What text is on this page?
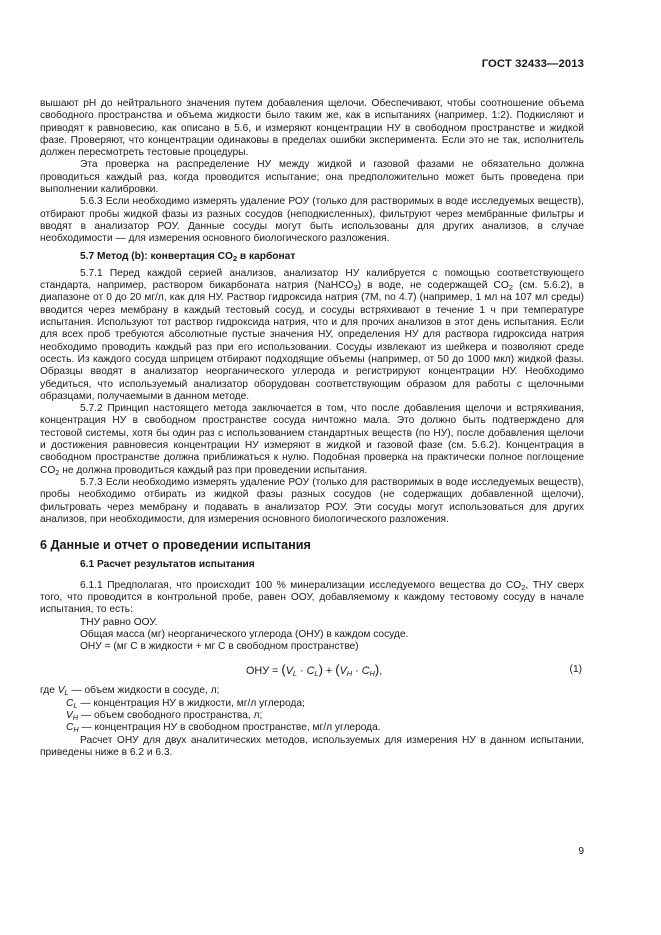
ГОСТ 32433—2013

вышают pH до нейтрального значения путем добавления щелочи. Обеспечивают, чтобы соотношение объема свободного пространства и объема жидкости было таким же, как в испытаниях (например, 1:2). Подкисляют и приводят к равновесию, как описано в 5.6, и измеряют концентрации НУ в свободном пространстве и жидкой фазе. Проверяют, что концентрации одинаковы в пределах ошибки эксперимента. Если это не так, исполнитель должен пересмотреть тестовые процедуры.

Эта проверка на распределение НУ между жидкой и газовой фазами не обязательно должна проводиться каждый раз, когда проводится испытание; она предположительно может быть проведена при выполнении калибровки.

5.6.3 Если необходимо измерять удаление РОУ (только для растворимых в воде исследуемых веществ), отбирают пробы жидкой фазы из разных сосудов (неподкисленных), фильтруют через мембранные фильтры и вводят в анализатор РОУ. Данные сосуды могут быть использованы для других анализов, в случае необходимости — для измерения основного биологического разложения.

5.7 Метод (b): конвертация $CO_2$ в карбонат

5.7.1 Перед каждой серией анализов, анализатор НУ калибруется с помощью соответствующего стандарта, например, раствором бикарбоната натрия (NaHCO$_3$) в воде, не содержащей $CO_2$ (см. 5.6.2), в диапазоне от 0 до 20 мг/л, как для НУ. Раствор гидроксида натрия (7M, no 4.7) (например, 1 мл на 107 мл среды) вводится через мембрану в каждый тестовый сосуд, и сосуды встряхивают в течение 1 ч при температуре испытания. Используют тот раствор гидроксида натрия, что и для прочих анализов в этот день испытания. Если для всех проб требуются абсолютные пустые значения НУ, определения НУ для раствора гидроксида натрия необходимо проводить каждый раз при его использовании. Сосуды извлекают из шейкера и позволяют среде осесть. Из каждого сосуда шприцем отбирают подходящие объемы (например, от 50 до 1000 мкл) жидкой фазы. Образцы вводят в анализатор неорганического углерода и регистрируют концентрации НУ. Необходимо убедиться, что используемый анализатор оборудован соответствующим образом для работы с щелочными образцами, получаемыми в данном методе.

5.7.2 Принцип настоящего метода заключается в том, что после добавления щелочи и встряхивания, концентрация НУ в свободном пространстве сосуда ничтожно мала. Это должно быть подтверждено для тестовой системы, хотя бы один раз с использованием стандартных веществ (по НУ), после добавления щелочи и достижения равновесия концентрации НУ измеряют в жидкой и газовой фазе (см. 5.6.2). Концентрация в свободном пространстве должна приближаться к нулю. Подобная проверка на практически полное поглощение $CO_2$ не должна проводиться каждый раз при проведении испытания.

5.7.3 Если необходимо измерять удаление РОУ (только для растворимых в воде исследуемых веществ), пробы необходимо отбирать из жидкой фазы разных сосудов (не содержащих добавленной щелочи), фильтровать через мембрану и подавать в анализатор РОУ. Эти сосуды могут использоваться для других анализов, при необходимости, для измерения основного биологического разложения.

6 Данные и отчет о проведении испытания

6.1 Расчет результатов испытания

6.1.1 Предполагая, что происходит 100 % минерализации исследуемого вещества до $CO_2$, ТНУ сверх того, что проводится в контрольной пробе, равен ООУ, добавляемому к каждому тестовому сосуду в начале испытания, то есть:

ТНУ равно ООУ.

Общая масса (мг) неорганического углерода (ОНУ) в каждом сосуде.

ОНУ = (мг С в жидкости + мг С в свободном пространстве)

ОНУ = $(V_L \cdot C_L) + (V_H \cdot C_H)$,	(1)

где $V_L$ — объем жидкости в сосуде, л;

$C_L$ — концентрация НУ в жидкости, мг/л углерода;

$V_H$ — объем свободного пространства, л;

$C_H$ — концентрация НУ в свободном пространстве, мг/л углерода.

Расчет ОНУ для двух аналитических методов, используемых для измерения НУ в данном испытании, приведены ниже в 6.2 и 6.3.

9
